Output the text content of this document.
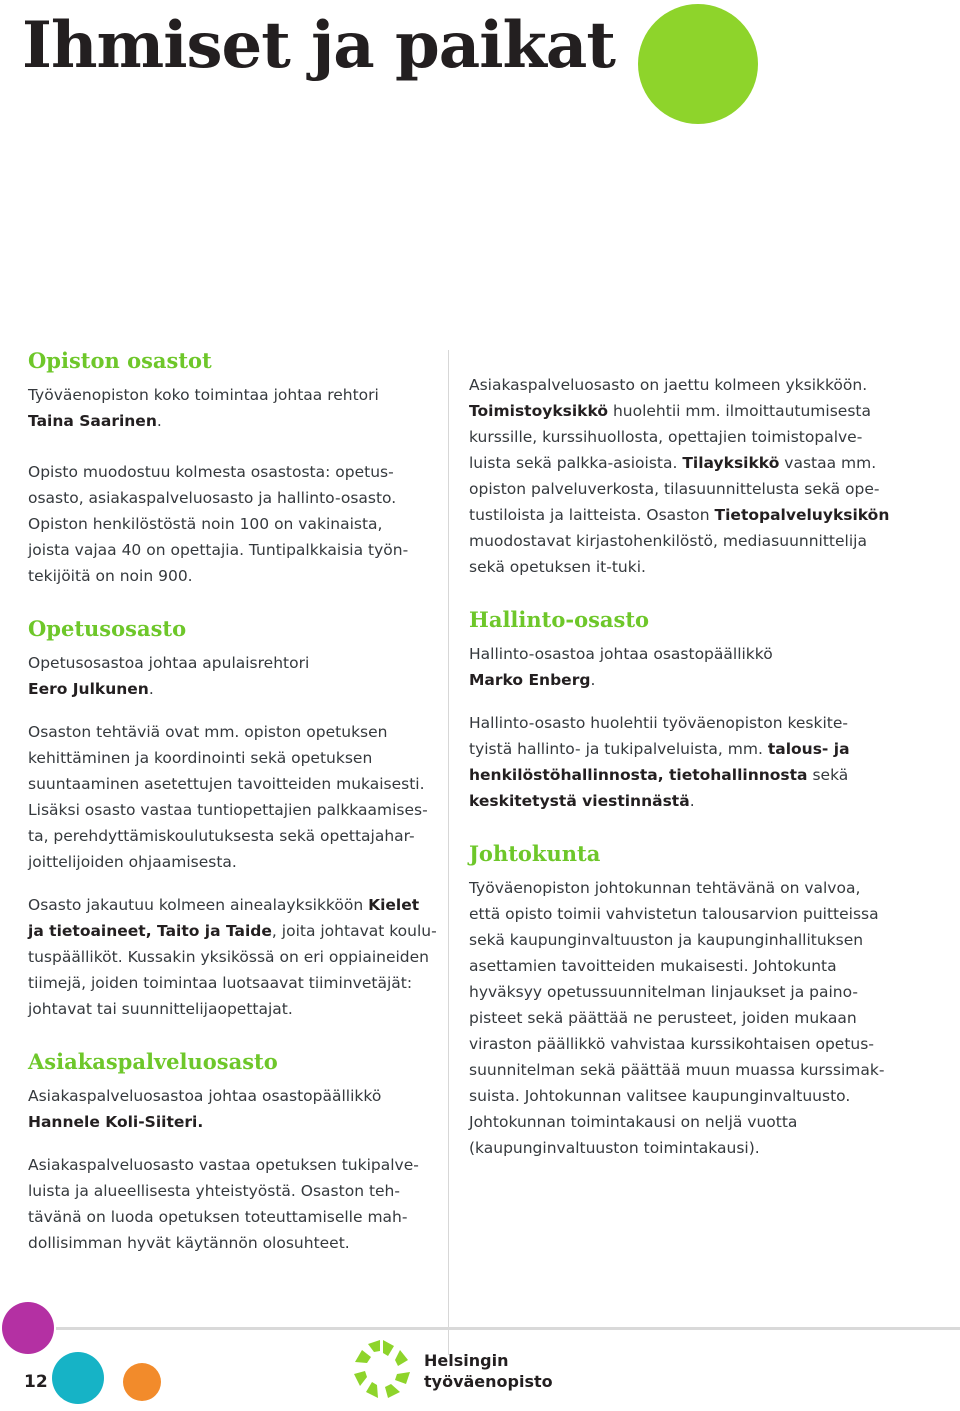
Ihmiset ja paikat
Opiston osastot

Työväenopiston koko toimintaa johtaa rehtori
Taina Saarinen.

Opisto muodostuu kolmesta osastosta: opetus-
osasto, asiakaspalveluosasto ja hallinto-osasto.
Opiston henkilöstöstä noin 100 on vakinaista,
joista vajaa 40 on opettajia. Tuntipalkkaisia työn-
tekijöitä on noin 900.

Opetusosasto

Opetusosastoa johtaa apulaisrehtori
Eero Julkunen.

Osaston tehtäviä ovat mm. opiston opetuksen
kehittäminen ja koordinointi sekä opetuksen
suuntaaminen asetettujen tavoitteiden mukaisesti.
Lisäksi osasto vastaa tuntiopettajien palkkaamises-
ta, perehdyttämiskoulutuksesta sekä opettajahar-
joittelijoiden ohjaamisesta.

Osasto jakautuu kolmeen ainealayksikköön Kielet
ja tietoaineet, Taito ja Taide, joita johtavat koulu-
tuspäälliköt. Kussakin yksikössä on eri oppiaineiden
tiimejä, joiden toimintaa luotsaavat tiiminvetäjät:
johtavat tai suunnittelijaopettajat.

Asiakaspalveluosasto

Asiakaspalveluosastoa johtaa osastopäällikkö
Hannele Koli-Siiteri.

Asiakaspalveluosasto vastaa opetuksen tukipalve-
luista ja alueellisesta yhteistyöstä. Osaston teh-
tävänä on luoda opetuksen toteuttamiselle mah-
dollisimman hyvät käytännön olosuhteet.

Asiakaspalveluosasto on jaettu kolmeen yksikköön.
Toimistoyksikkö huolehtii mm. ilmoittautumisesta
kurssille, kurssihuollosta, opettajien toimistopalve-
luista sekä palkka-asioista. Tilayksikkö vastaa mm.
opiston palveluverkosta, tilasuunnittelusta sekä ope-
tustiloista ja laitteista. Osaston Tietopalveluyksikön
muodostavat kirjastohenkilöstö, mediasuunnittelija
sekä opetuksen it-tuki.

Hallinto-osasto

Hallinto-osastoa johtaa osastopäällikkö
Marko Enberg.

Hallinto-osasto huolehtii työväenopiston keskite-
tyistä hallinto- ja tukipalveluista, mm. talous- ja
henkilöstöhallinnosta, tietohallinnosta sekä
keskitetystä viestinnästä.

Johtokunta

Työväenopiston johtokunnan tehtävänä on valvoa,
että opisto toimii vahvistetun talousarvion puitteissa
sekä kaupunginvaltuuston ja kaupunginhallituksen
asettamien tavoitteiden mukaisesti. Johtokunta
hyväksyy opetussuunnitelman linjaukset ja paino-
pisteet sekä päättää ne perusteet, joiden mukaan
viraston päällikkö vahvistaa kurssikohtaisen opetus-
suunnitelman sekä päättää muun muassa kurssimak-
suista. Johtokunnan valitsee kaupunginvaltuusto.
Johtokunnan toimintakausi on neljä vuotta
(kaupunginvaltuuston toimintakausi).

12
Helsingin
työväenopisto
